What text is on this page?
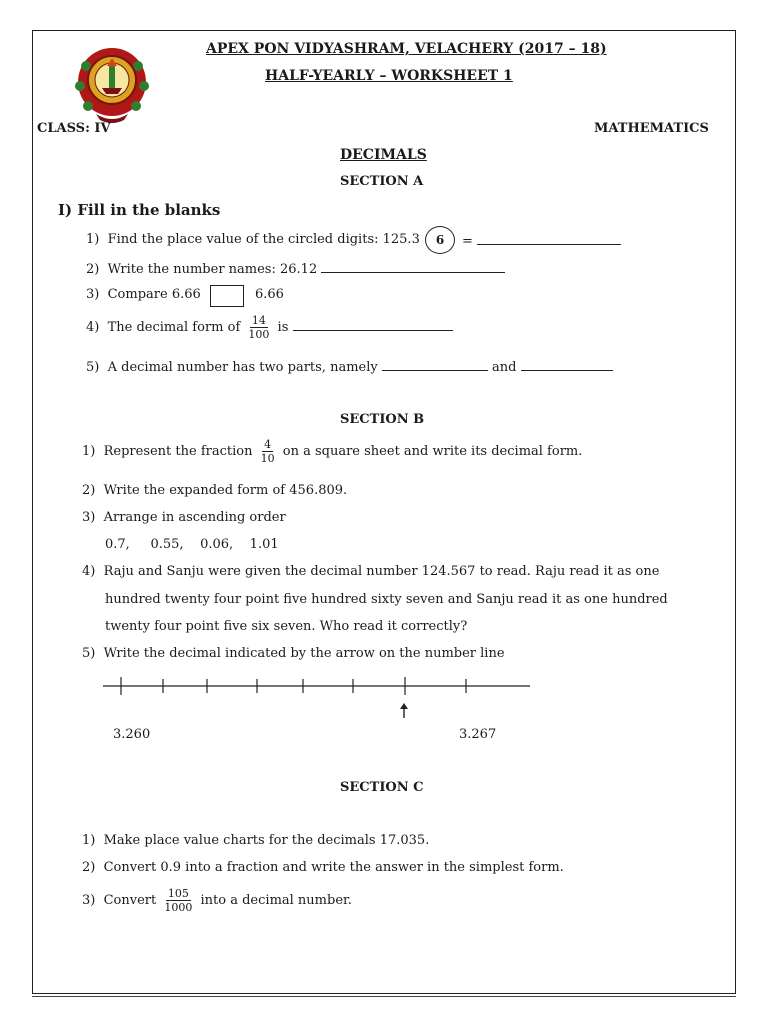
APEX PON VIDYASHRAM, VELACHERY (2017 – 18)
HALF-YEARLY – WORKSHEET 1
CLASS: IV	MATHEMATICS
DECIMALS
SECTION A
I) Fill in the blanks
1) Find the place value of the circled digits: 125.3	6	=
2) Write the number names: 26.12
3) Compare 6.66	6.66
4) The decimal form of $\frac{14}{100}$ is
5) A decimal number has two parts, namely	and
SECTION B
1) Represent the fraction $\frac{4}{10}$ on a square sheet and write its decimal form.
2) Write the expanded form of 456.809.
3) Arrange in ascending order
0.7,     0.55,    0.06,    1.01
4) Raju and Sanju were given the decimal number 124.567 to read. Raju read it as one
hundred twenty four point five hundred sixty seven and Sanju read it as one hundred
twenty four point five six seven. Who read it correctly?
5) Write the decimal indicated by the arrow on the number line
3.260	3.267
SECTION C
1) Make place value charts for the decimals 17.035.
2) Convert 0.9 into a fraction and write the answer in the simplest form.
3) Convert $\frac{105}{1000}$ into a decimal number.
